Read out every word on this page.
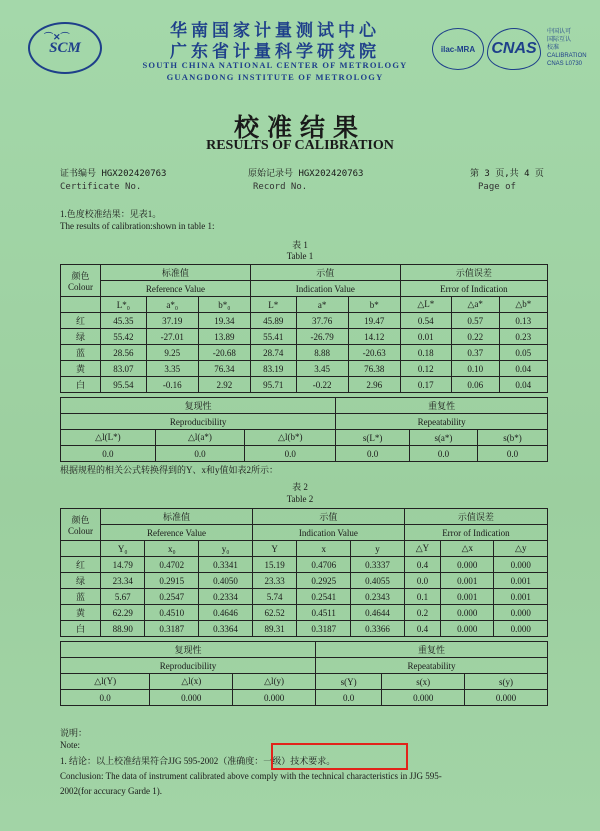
⌒✕⌒
SCM
华南国家计量测试中心
广东省计量科学研究院
SOUTH CHINA NATIONAL CENTER OF METROLOGY
GUANGDONG INSTITUTE OF METROLOGY
ilac-MRA	CNAS
中国认可
国际互认
校准
CALIBRATION
CNAS L0730
校准结果
RESULTS OF CALIBRATION
证书编号 HGX202420763
Certificate No.
原始记录号 HGX202420763
Record No.
第 3 页,共 4 页
Page of
1.色度校准结果：见表1。
The results of calibration:shown in table 1:
表 1
Table 1
颜色
Colour	标准值			示值			示值误差		
	Reference Value			Indication Value			Error of Indication		
	L*₀	a*₀	b*₀	L*	a*	b*	△L*	△a*	△b*
红	45.35	37.19	19.34	45.89	37.76	19.47	0.54	0.57	0.13
绿	55.42	-27.01	13.89	55.41	-26.79	14.12	0.01	0.22	0.23
蓝	28.56	9.25	-20.68	28.74	8.88	-20.63	0.18	0.37	0.05
黄	83.07	3.35	76.34	83.19	3.45	76.38	0.12	0.10	0.04
白	95.54	-0.16	2.92	95.71	-0.22	2.96	0.17	0.06	0.04
复现性			重复性		
Reproducibility			Repeatability		
△l(L*)	△l(a*)	△l(b*)	s(L*)	s(a*)	s(b*)
0.0	0.0	0.0	0.0	0.0	0.0
根据规程的相关公式转换得到的Y、x和y值如表2所示：
表 2
Table 2
颜色
Colour	标准值			示值			示值误差		
	Reference Value			Indication Value			Error of Indication		
	Y₀	x₀	y₀	Y	x	y	△Y	△x	△y
红	14.79	0.4702	0.3341	15.19	0.4706	0.3337	0.4	0.000	0.000
绿	23.34	0.2915	0.4050	23.33	0.2925	0.4055	0.0	0.001	0.001
蓝	5.67	0.2547	0.2334	5.74	0.2541	0.2343	0.1	0.001	0.001
黄	62.29	0.4510	0.4646	62.52	0.4511	0.4644	0.2	0.000	0.000
白	88.90	0.3187	0.3364	89.31	0.3187	0.3366	0.4	0.000	0.000
复现性			重复性		
Reproducibility			Repeatability		
△l(Y)	△l(x)	△l(y)	s(Y)	s(x)	s(y)
0.0	0.000	0.000	0.0	0.000	0.000
说明：
Note:
1. 结论：以上校准结果符合JJG 595-2002（准确度：一级）技术要求。
Conclusion: The data of instrument calibrated above comply with the technical characteristics in JJG 595-
2002(for accuracy Garde 1).
